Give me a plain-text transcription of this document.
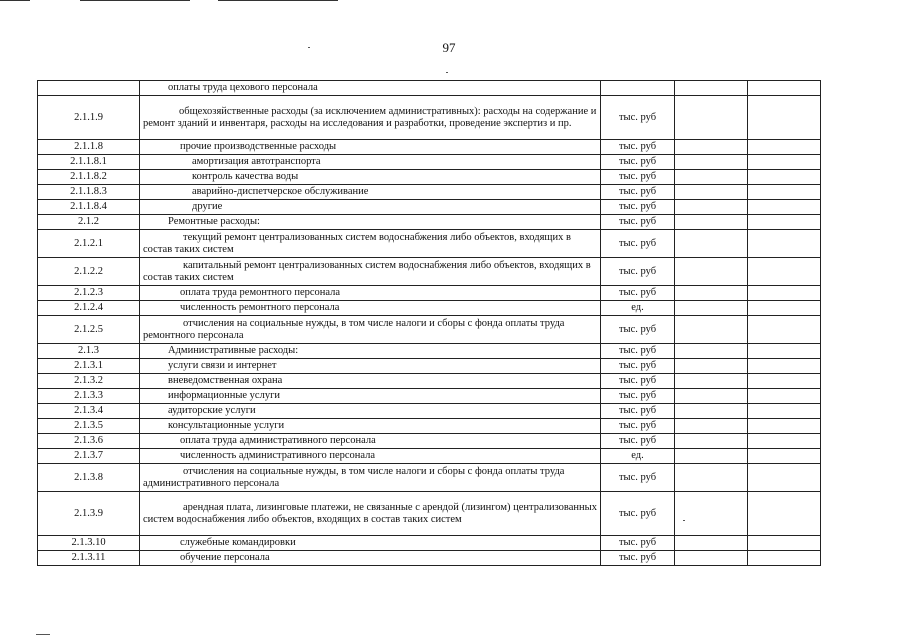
97
	оплаты труда цехового персонала			
2.1.1.9	общехозяйственные расходы (за исключением административных): расходы на содержание и ремонт зданий и инвентаря, расходы на исследования и разработки, проведение экспертиз и пр.	тыс. руб		
2.1.1.8	прочие производственные расходы	тыс. руб		
2.1.1.8.1	амортизация автотранспорта	тыс. руб		
2.1.1.8.2	контроль качества воды	тыс. руб		
2.1.1.8.3	аварийно-диспетчерское обслуживание	тыс. руб		
2.1.1.8.4	другие	тыс. руб		
2.1.2	Ремонтные расходы:	тыс. руб		
2.1.2.1	текущий ремонт централизованных систем водоснабжения либо объектов, входящих в состав таких систем	тыс. руб		
2.1.2.2	капитальный ремонт централизованных систем водоснабжения либо объектов, входящих в состав таких систем	тыс. руб		
2.1.2.3	оплата труда ремонтного персонала	тыс. руб		
2.1.2.4	численность ремонтного персонала	ед.		
2.1.2.5	отчисления на социальные нужды, в том числе налоги и сборы с фонда оплаты труда ремонтного персонала	тыс. руб		
2.1.3	Административные расходы:	тыс. руб		
2.1.3.1	услуги связи и интернет	тыс. руб		
2.1.3.2	вневедомственная охрана	тыс. руб		
2.1.3.3	информационные услуги	тыс. руб		
2.1.3.4	аудиторские услуги	тыс. руб		
2.1.3.5	консультационные услуги	тыс. руб		
2.1.3.6	оплата труда административного персонала	тыс. руб		
2.1.3.7	численность административного персонала	ед.		
2.1.3.8	отчисления на социальные нужды, в том числе налоги и сборы с фонда оплаты труда административного персонала	тыс. руб		
2.1.3.9	арендная плата, лизинговые платежи, не связанные с арендой (лизингом) централизованных систем водоснабжения либо объектов, входящих в состав таких систем	тыс. руб		
2.1.3.10	служебные командировки	тыс. руб		
2.1.3.11	обучение персонала	тыс. руб		
